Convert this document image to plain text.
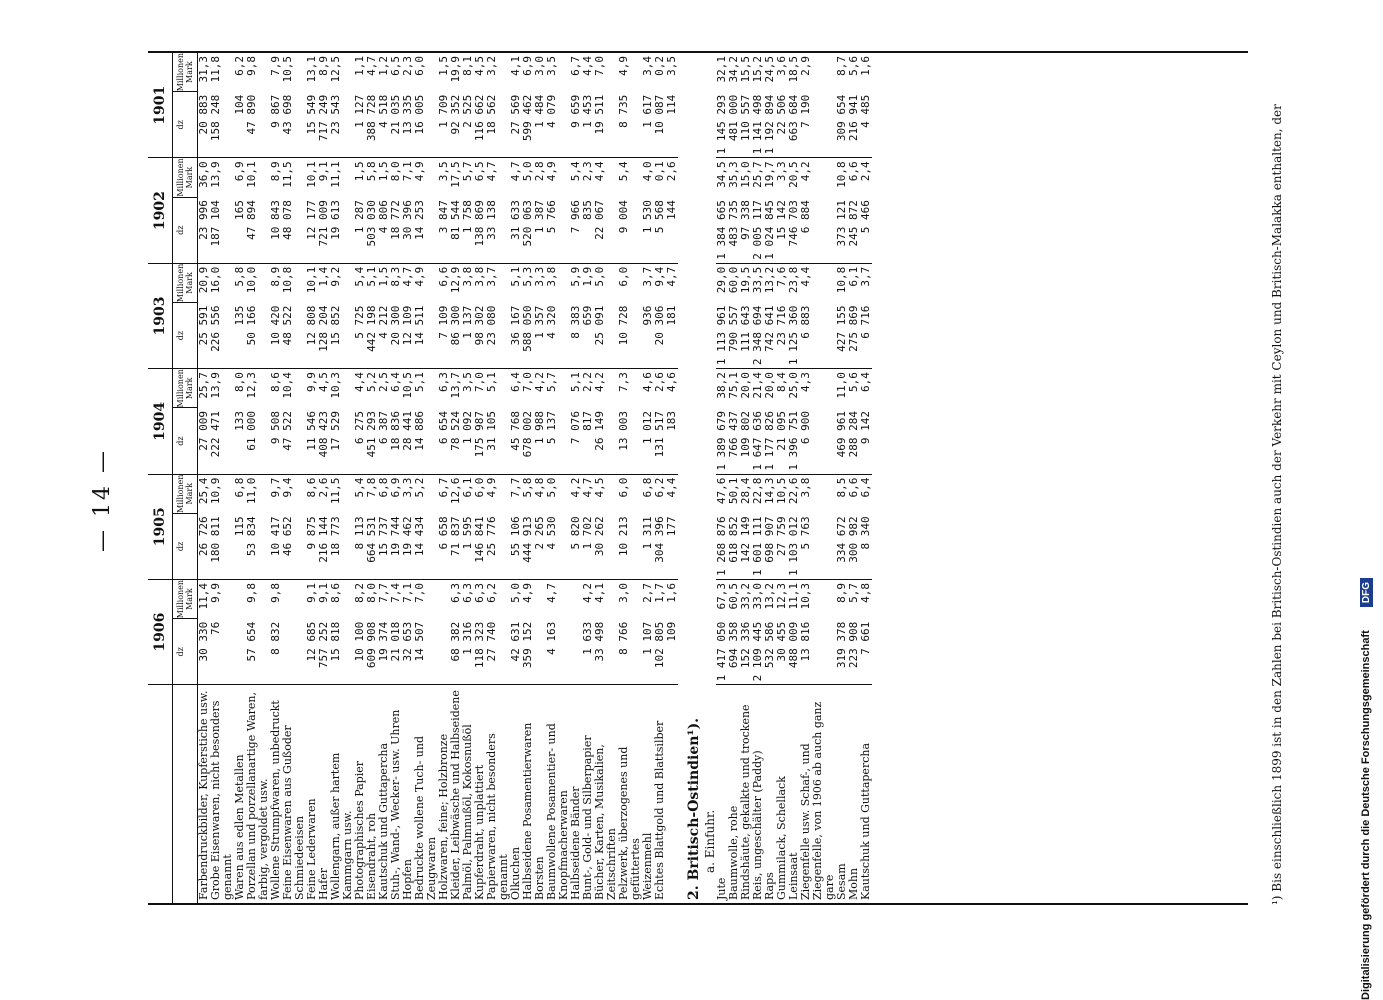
— 14 —
	1906		1905		1904		1903		1902		1901	
	dz	Millionen Mark	dz	Millionen Mark	dz	Millionen Mark	dz	Millionen Mark	dz	Millionen Mark	dz	Millionen Mark
Farbendruckbilder, Kupferstiche usw.	30 330	11,4	26 726	25,4	27 009	25,7	25 591	20,9	23 996	36,0	20 883	31,3
Grobe Eisenwaren, nicht besonders genannt	76	9,9	180 811	10,9	222 471	13,9	226 556	16,0	187 104	13,9	158 248	11,8
Waren aus edlen Metallen			115	6,8	133	8,0	135	5,8	165	6,9	104	6,2
Porzellan und porzellanartige Waren, farbig, vergoldet usw.	57 654	9,8	53 834	11,0	61 000	12,3	50 166	10,0	47 894	10,1	47 890	9,8
Wollene Strumpfwaren, unbedruckt	8 832	9,8	10 417	9,7	9 508	8,6	10 420	8,9	10 843	8,9	9 867	7,9
Feine Eisenwaren aus Gußoder Schmiedeeisen			46 652	9,4	47 522	10,4	48 522	10,8	48 078	11,5	43 698	10,5
Feine Lederwaren	12 685	9,1	9 875	8,6	11 546	9,9	12 808	10,1	12 177	10,1	15 549	13,1
Hafer	757 252	9,1	216 144	2,6	408 423	4,5	128 204	1,4	721 009	9,1	717 249	8,9
Wollengarn, außer hartem Kammgarn usw.	15 818	8,6	18 773	11,5	17 529	10,3	15 852	9,2	19 613	11,1	23 543	12,5
Photographisches Papier	10 100	8,2	8 113	5,4	6 275	4,4	5 725	5,4	1 287	1,5	1 127	1,1
Eisendraht, roh	609 908	8,0	664 531	7,8	451 293	5,2	442 198	5,1	503 030	5,8	388 728	4,7
Kautschuk und Guttapercha	19 374	7,7	15 737	6,8	6 387	2,5	4 212	1,5	4 806	1,5	4 518	1,2
Stuh-, Wand-, Wecker- usw. Uhren	21 018	7,4	19 744	6,9	18 836	6,4	20 300	8,3	18 772	8,0	21 035	6,5
Hopfen	32 653	7,1	19 462	3,3	28 441	10,5	12 109	4,7	30 396	7,1	13 335	2,3
Bedruckte wollene Tuch- und Zeugwaren	14 507	7,0	14 434	5,2	14 886	5,1	14 511	4,9	14 253	4,9	16 005	6,0
Holzwaren, feine; Holzbronze			6 658	6,7	6 654	6,3	7 109	6,6	3 847	3,5	1 709	1,5
Kleider, Leibwäsche und Halbseidene	68 382	6,3	71 837	12,6	78 524	13,7	86 300	12,9	81 544	17,5	92 352	19,9
Palmöl, Palmnußöl, Kokosnußöl	1 316	6,3	1 595	6,1	1 092	3,5	1 137	3,8	1 758	5,7	2 525	8,1
Kupferdraht, unplattiert	118 323	6,3	146 841	6,0	175 987	7,0	98 302	3,8	138 869	6,5	116 662	4,5
Papierwaren, nicht besonders genannt	27 740	6,2	25 776	4,9	31 105	5,1	23 080	3,7	33 138	4,7	18 562	3,2
Ölkuchen	42 631	5,0	55 106	7,7	45 768	6,4	36 167	5,1	31 633	4,7	27 569	4,1
Halbseidene Posamentierwaren	359 152	4,9	444 913	5,8	678 002	7,0	588 050	5,3	520 063	5,0	599 462	6,9
Borsten			2 265	4,8	1 988	4,2	1 357	3,3	1 387	2,8	1 484	3,0
Baumwollene Posamentier- und Knopfmacherwaren	4 163	4,7	4 530	5,0	5 137	5,7	4 320	3,8	5 766	4,9	4 079	3,5
Halbseidene Bänder			5 820	4,2	7 076	5,1	8 383	5,9	7 966	5,4	9 659	6,7
Bunt-, Gold- und Silberpapier	1 633	4,2	1 702	4,7	817	2,2	659	1,9	835	2,3	1 453	4,4
Bücher, Karten, Musikalien, Zeitschriften	33 498	4,1	30 262	4,5	26 149	4,2	25 091	5,0	22 067	4,4	19 511	7,0
Pelzwerk, überzogenes und gefüttertes	8 766	3,0	10 213	6,0	13 003	7,3	10 728	6,0	9 004	5,4	8 735	4,9
Weizenmehl	1 107	2,7	1 311	6,8	1 012	4,6	936	3,7	1 530	4,0	1 617	3,4
Echtes Blattgold und Blattsilber	102 805	1,7	304 396	6,2	131 517	2,6	20 306	9,4	5 568	0,1	10 087	0,2
	109	1,6	177	4,4	183	4,6	181	4,7	144	2,6	114	3,5
2. Britisch-Ostindien¹).												
a. Einfuhr.												
Jute	1 417 050	67,3	1 268 876	47,6	1 389 679	38,2	1 113 961	29,0	1 384 665	34,5	1 145 293	32,1
Baumwolle, rohe	694 358	60,5	618 852	50,1	766 437	75,1	790 557	60,0	483 735	35,3	481 000	34,2
Rindshäute, gekalkte und trockene	152 336	33,2	142 149	28,4	109 802	20,0	111 643	19,5	97 338	15,0	110 557	15,5
Reis, ungeschälter (Paddy)	2 109 445	33,0	1 601 111	22,8	1 647 636	21,4	2 348 694	33,5	2 005 117	25,7	1 141 498	15,2
Raps	532 586	13,2	698 907	14,3	1 177 826	20,0	742 641	13,2	1 024 845	19,7	1 192 894	24,5
Gummilack, Schellack	30 455	12,3	27 759	10,5	21 095	8,4	23 716	7,6	15 142	3,3	22 506	3,6
Leinsaat	488 009	11,1	1 103 012	22,6	1 396 751	25,0	1 125 360	23,8	746 703	20,5	663 684	18,5
Ziegenfelle usw. Schaf-, und Ziegenfelle, von 1906 ab auch ganz gare	13 816	10,3	5 763	3,8	6 900	4,3	6 883	4,4	6 884	4,2	7 190	2,9
Sesam	319 378	8,9	334 672	8,5	469 961	11,0	427 155	10,8	373 121	10,8	309 654	8,7
Mohn	223 908	5,7	300 982	6,6	288 284	5,6	275 869	6,1	245 872	6,6	216 941	5,6
Kautschuk und Guttapercha	7 661	4,8	8 340	6,4	9 142	6,4	6 716	3,7	5 466	2,4	4 485	1,6
¹) Bis einschließlich 1899 ist in den Zahlen bei Britisch-Ostindien auch der Verkehr mit Ceylon und Britisch-Malakka enthalten, der	Digitalisierung gefördert durch die Deutsche Forschungsgemeinschaft DFG
